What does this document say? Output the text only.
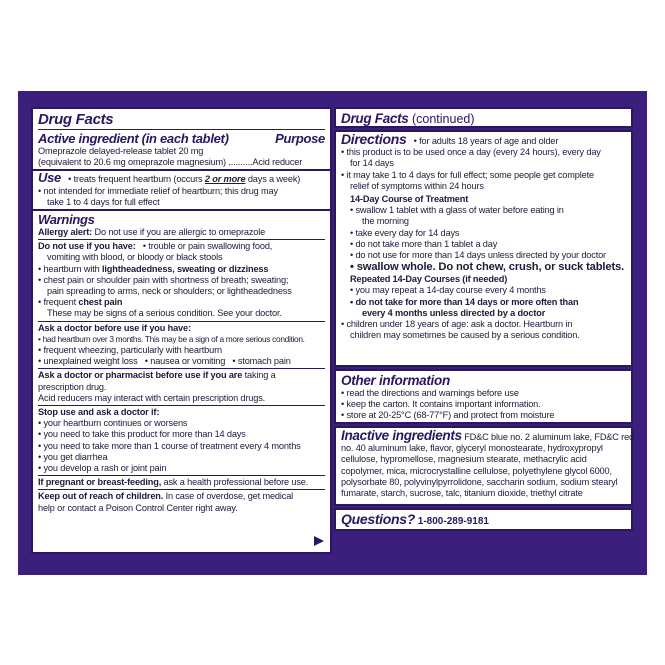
Drug Facts
Active ingredient (in each tablet)	Purpose
Omeprazole delayed-release tablet 20 mg
(equivalent to 20.6 mg omeprazole magnesium) ..........Acid reducer
Use • treats frequent heartburn (occurs 2 or more days a week)
• not intended for immediate relief of heartburn; this drug may
take 1 to 4 days for full effect
Warnings
Allergy alert: Do not use if you are allergic to omeprazole
Do not use if you have:   • trouble or pain swallowing food,
vomiting with blood, or bloody or black stools
• heartburn with lightheadedness, sweating or dizziness
• chest pain or shoulder pain with shortness of breath; sweating;
pain spreading to arms, neck or shoulders; or lightheadedness
• frequent chest pain
These may be signs of a serious condition. See your doctor.
Ask a doctor before use if you have:
• had heartburn over 3 months. This may be a sign of a more serious condition.
• frequent wheezing, particularly with heartburn
• unexplained weight loss   • nausea or vomiting   • stomach pain
Ask a doctor or pharmacist before use if you are taking a
prescription drug.
Acid reducers may interact with certain prescription drugs.
Stop use and ask a doctor if:
• your heartburn continues or worsens
• you need to take this product for more than 14 days
• you need to take more than 1 course of treatment every 4 months
• you get diarrhea
• you develop a rash or joint pain
If pregnant or breast-feeding, ask a health professional before use.
Keep out of reach of children. In case of overdose, get medical
help or contact a Poison Control Center right away.
Drug Facts (continued)
Directions   • for adults 18 years of age and older
• this product is to be used once a day (every 24 hours), every day
for 14 days
• it may take 1 to 4 days for full effect; some people get complete
relief of symptoms within 24 hours
14-Day Course of Treatment
• swallow 1 tablet with a glass of water before eating in
the morning
• take every day for 14 days
• do not take more than 1 tablet a day
• do not use for more than 14 days unless directed by your doctor
• swallow whole. Do not chew, crush, or suck tablets.
Repeated 14-Day Courses (if needed)
• you may repeat a 14-day course every 4 months
• do not take for more than 14 days or more often than
every 4 months unless directed by a doctor
• children under 18 years of age: ask a doctor. Heartburn in
children may sometimes be caused by a serious condition.
Other information
• read the directions and warnings before use
• keep the carton. It contains important information.
• store at 20-25°C (68-77°F) and protect from moisture
Inactive ingredients FD&C blue no. 2 aluminum lake, FD&C red
no. 40 aluminum lake, flavor, glyceryl monostearate, hydroxypropyl
cellulose, hypromellose, magnesium stearate, methacrylic acid
copolymer, mica, microcrystalline cellulose, polyethylene glycol 6000,
polysorbate 80, polyvinylpyrrolidone, saccharin sodium, sodium stearyl
fumarate, starch, sucrose, talc, titanium dioxide, triethyl citrate
Questions? 1-800-289-9181
